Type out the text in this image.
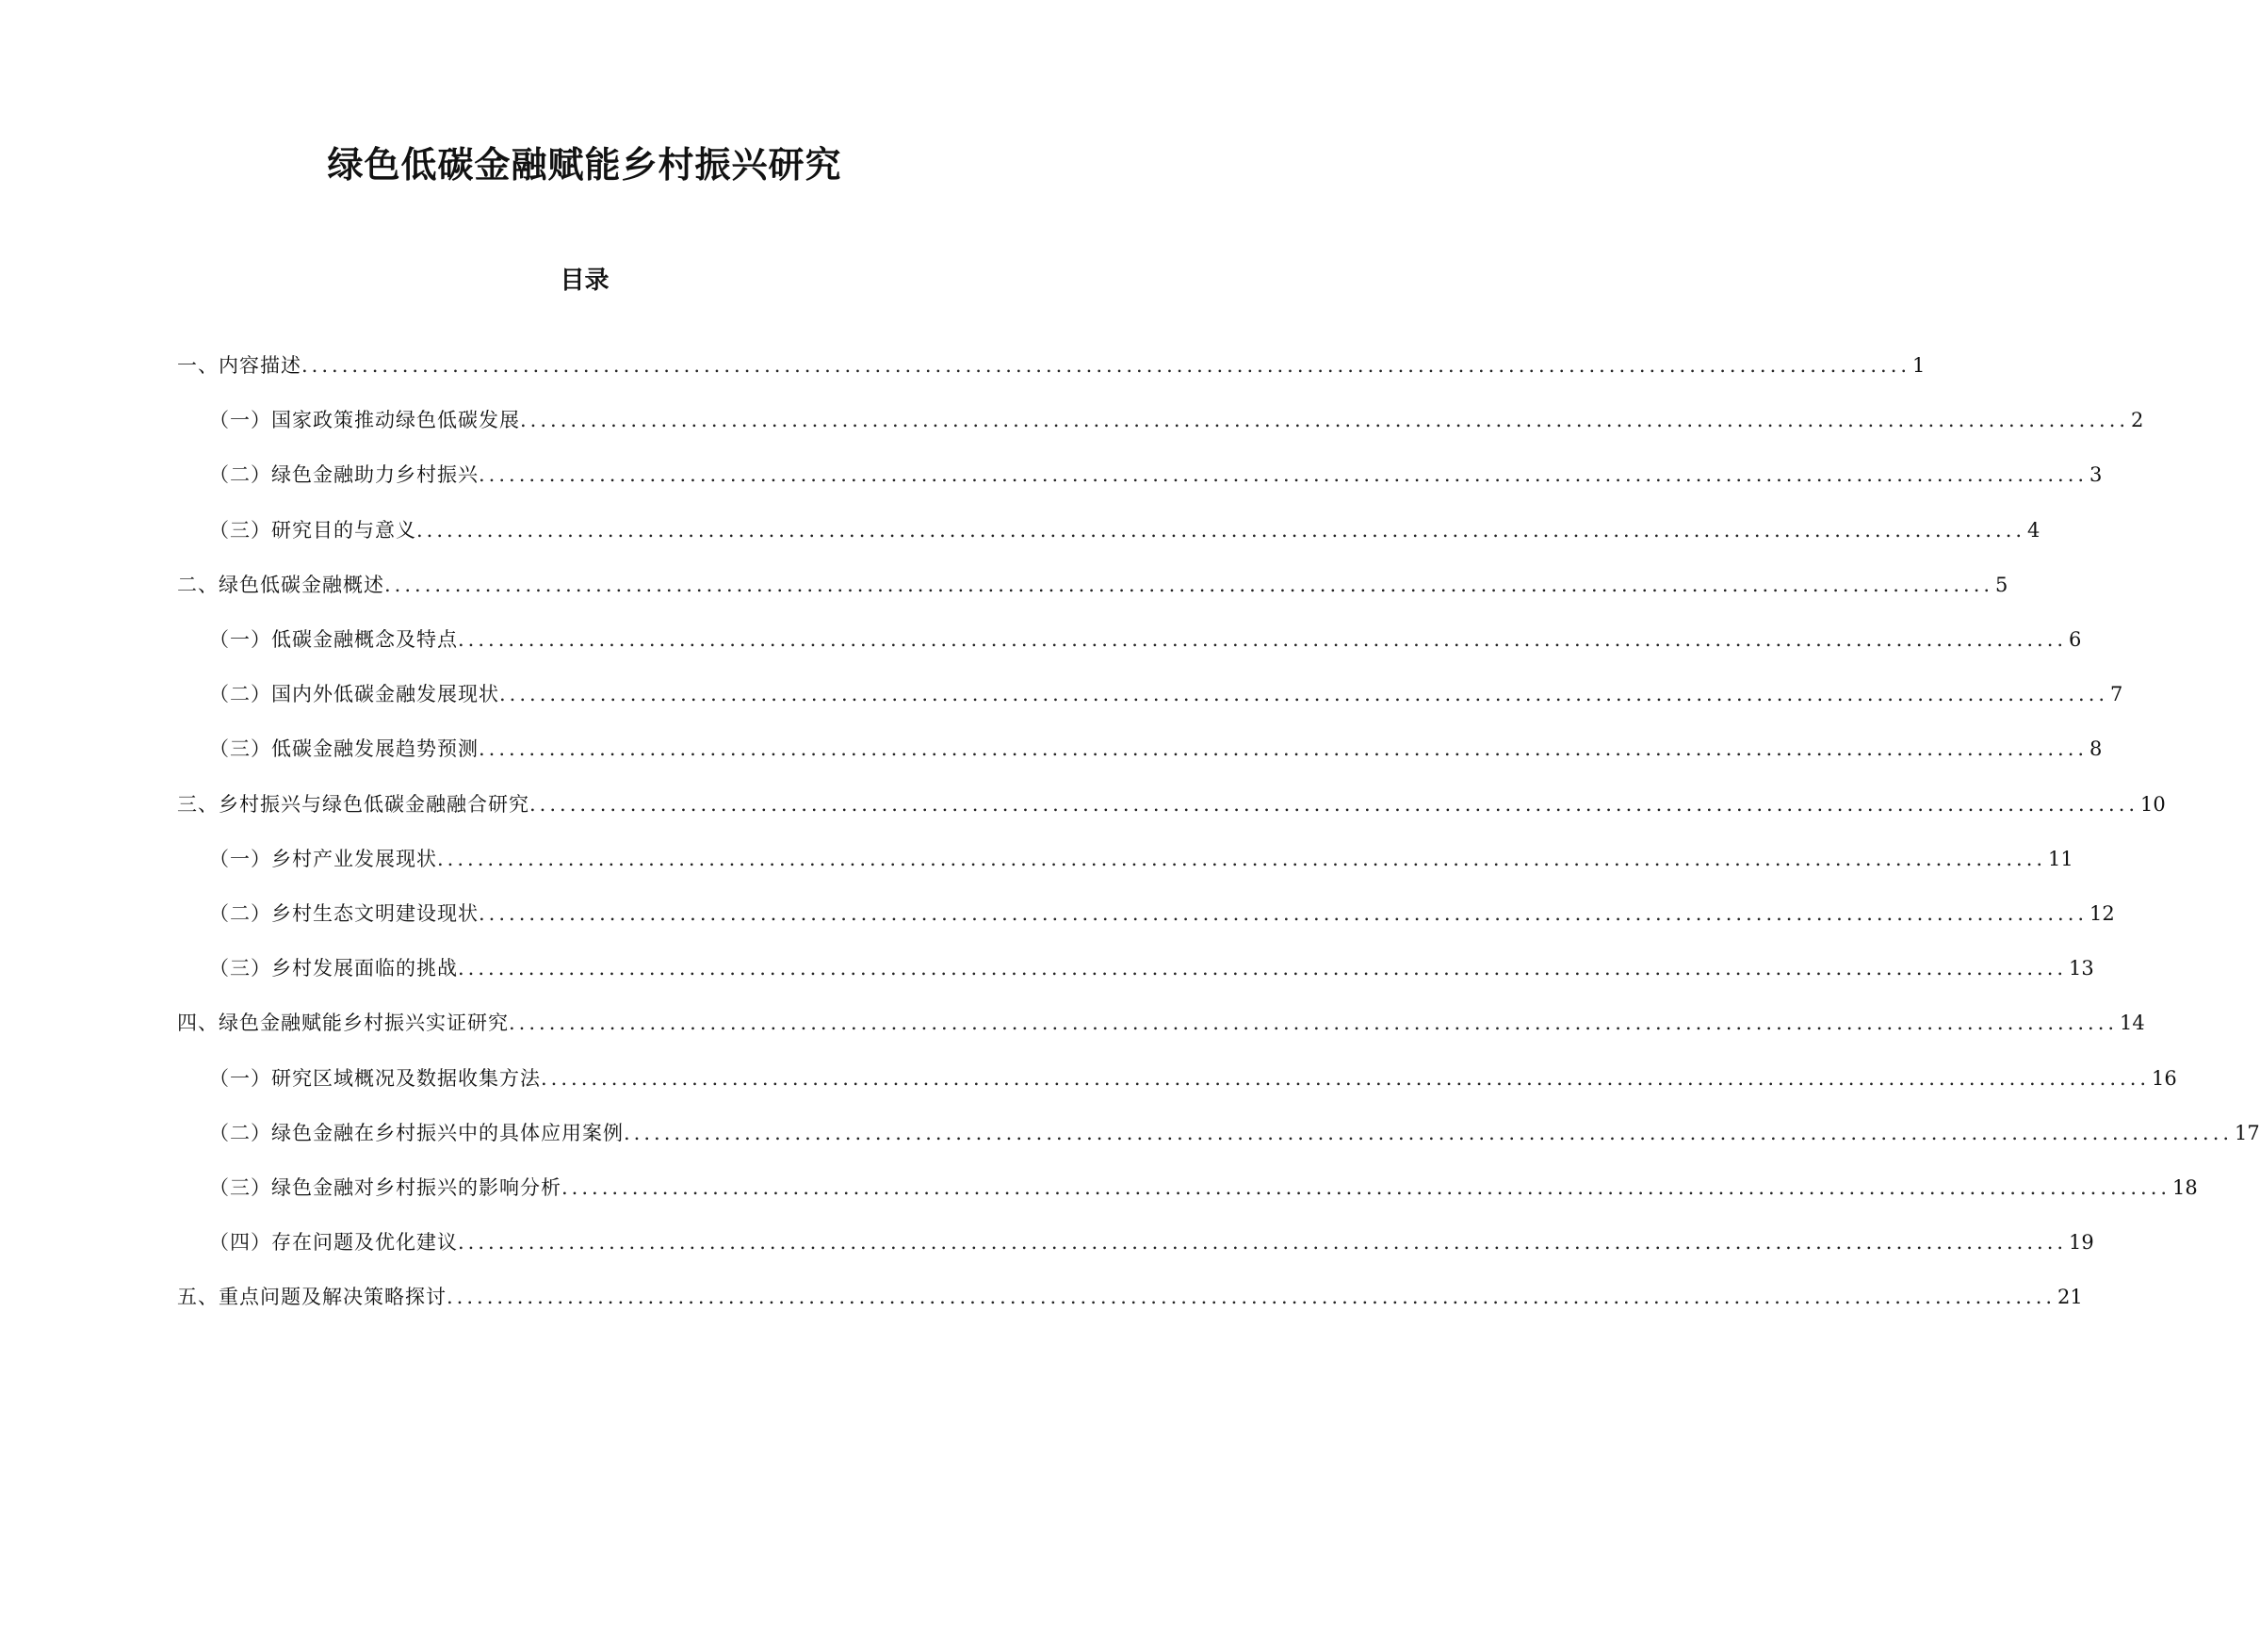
绿色低碳金融赋能乡村振兴研究
目录
一、内容描述 ................................................................................................................................................................ 1
（一）国家政策推动绿色低碳发展 ................................................................................................................................................................ 2
（二）绿色金融助力乡村振兴 ................................................................................................................................................................ 3
（三）研究目的与意义 ................................................................................................................................................................ 4
二、绿色低碳金融概述 ................................................................................................................................................................ 5
（一）低碳金融概念及特点 ................................................................................................................................................................ 6
（二）国内外低碳金融发展现状 ................................................................................................................................................................ 7
（三）低碳金融发展趋势预测 ................................................................................................................................................................ 8
三、乡村振兴与绿色低碳金融融合研究 ................................................................................................................................................................ 10
（一）乡村产业发展现状 ................................................................................................................................................................ 11
（二）乡村生态文明建设现状 ................................................................................................................................................................ 12
（三）乡村发展面临的挑战 ................................................................................................................................................................ 13
四、绿色金融赋能乡村振兴实证研究 ................................................................................................................................................................ 14
（一）研究区域概况及数据收集方法 ................................................................................................................................................................ 16
（二）绿色金融在乡村振兴中的具体应用案例 ................................................................................................................................................................ 17
（三）绿色金融对乡村振兴的影响分析 ................................................................................................................................................................ 18
（四）存在问题及优化建议 ................................................................................................................................................................ 19
五、重点问题及解决策略探讨 ................................................................................................................................................................ 21
